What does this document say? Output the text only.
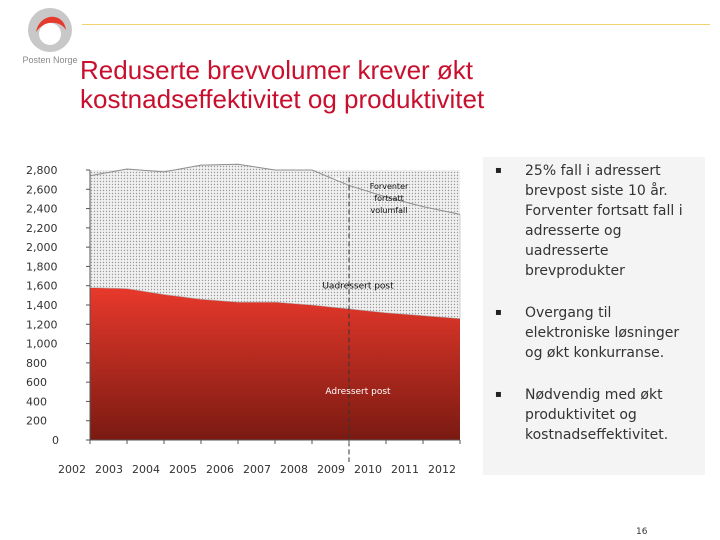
Posten Norge Reduserte brevvolumer krever økt kostnadseffektivitet og produktivitet
0
200
400
600
800
1,000
1,200
1,400
1,600
1,800
2,000
2,200
2,400
2,600
2,800
2002 2003 2004 2005 2006 2007 2008 2009 2010 2011 2012
Uadressert post
Adressert post
Forventer fortsatt volumfall
▪ 25% fall i adressert brevpost siste 10 år. Forventer fortsatt fall i adresserte og uadresserte brevprodukter
▪ Overgang til elektroniske løsninger og økt konkurranse.
▪ Nødvendig med økt produktivitet og kostnadseffektivitet.
16
